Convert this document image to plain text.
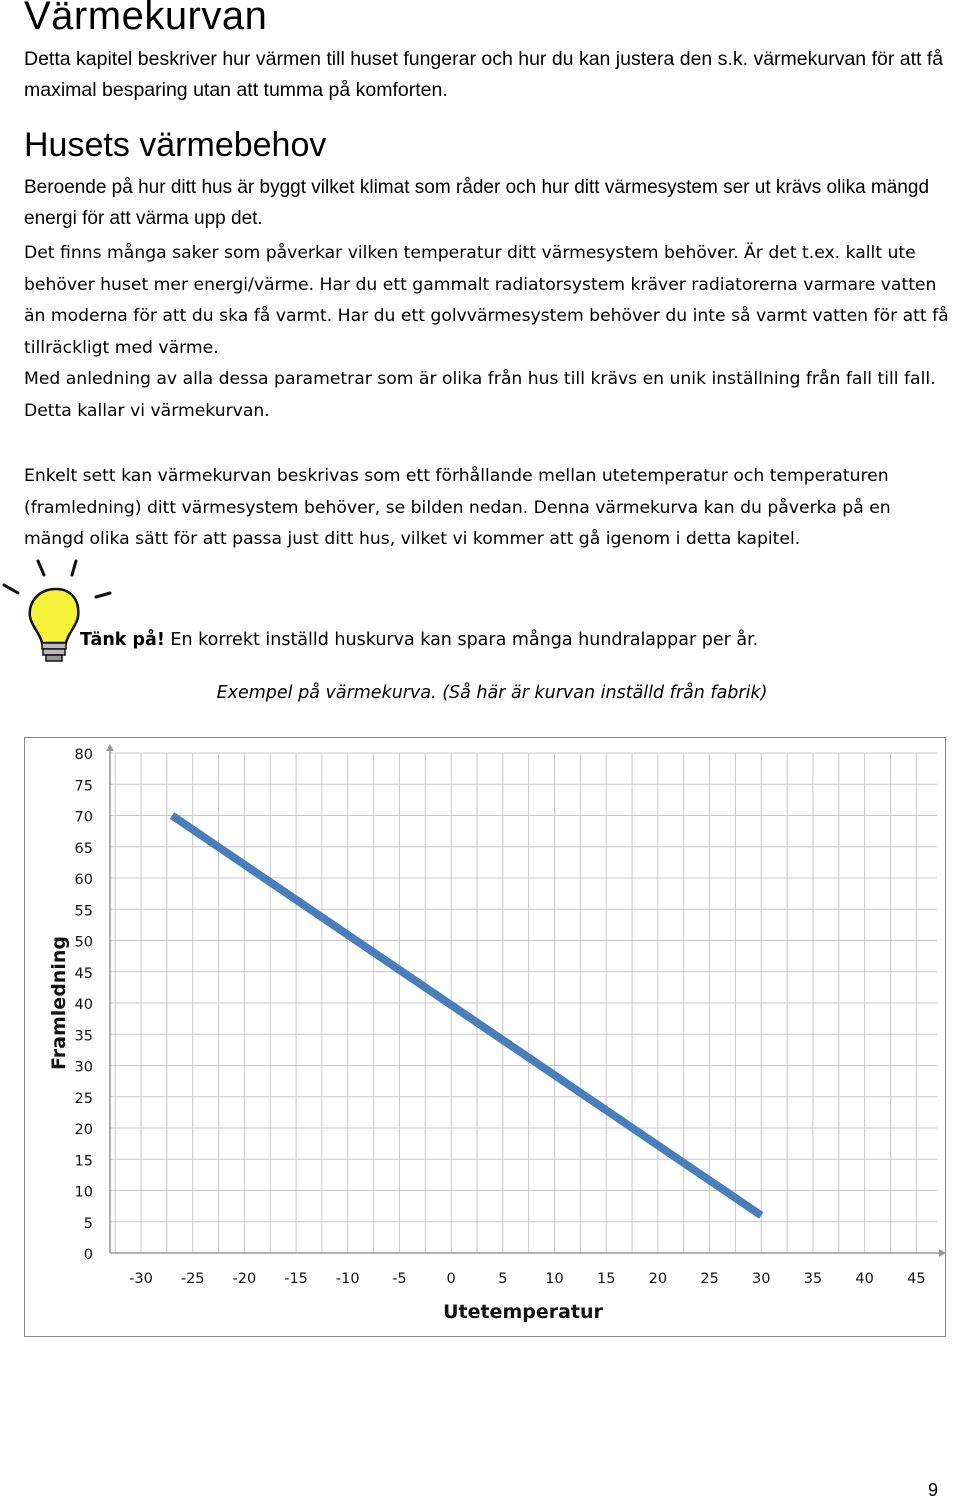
Värmekurvan

Detta kapitel beskriver hur värmen till huset fungerar och hur du kan justera den s.k. värmekurvan för att få maximal besparing utan att tumma på komforten.

Husets värmebehov

Beroende på hur ditt hus är byggt vilket klimat som råder och hur ditt värmesystem ser ut krävs olika mängd energi för att värma upp det.

Det finns många saker som påverkar vilken temperatur ditt värmesystem behöver. Är det t.ex. kallt ute behöver huset mer energi/värme. Har du ett gammalt radiatorsystem kräver radiatorerna varmare vatten än moderna för att du ska få varmt. Har du ett golvvärmesystem behöver du inte så varmt vatten för att få tillräckligt med värme.
Med anledning av alla dessa parametrar som är olika från hus till krävs en unik inställning från fall till fall. Detta kallar vi värmekurvan.

Enkelt sett kan värmekurvan beskrivas som ett förhållande mellan utetemperatur och temperaturen (framledning) ditt värmesystem behöver, se bilden nedan. Denna värmekurva kan du påverka på en mängd olika sätt för att passa just ditt hus, vilket vi kommer att gå igenom i detta kapitel.

Tänk på! En korrekt inställd huskurva kan spara många hundralappar per år.
Exempel på värmekurva. (Så här är kurvan inställd från fabrik)
0
5
10
15
20
25
30
35
40
45
50
55
60
65
70
75
80
-30 -25 -20 -15 -10 -5	0	5	10 15 20 25 30 35 40 45
Utetemperatur
Framledning
9
